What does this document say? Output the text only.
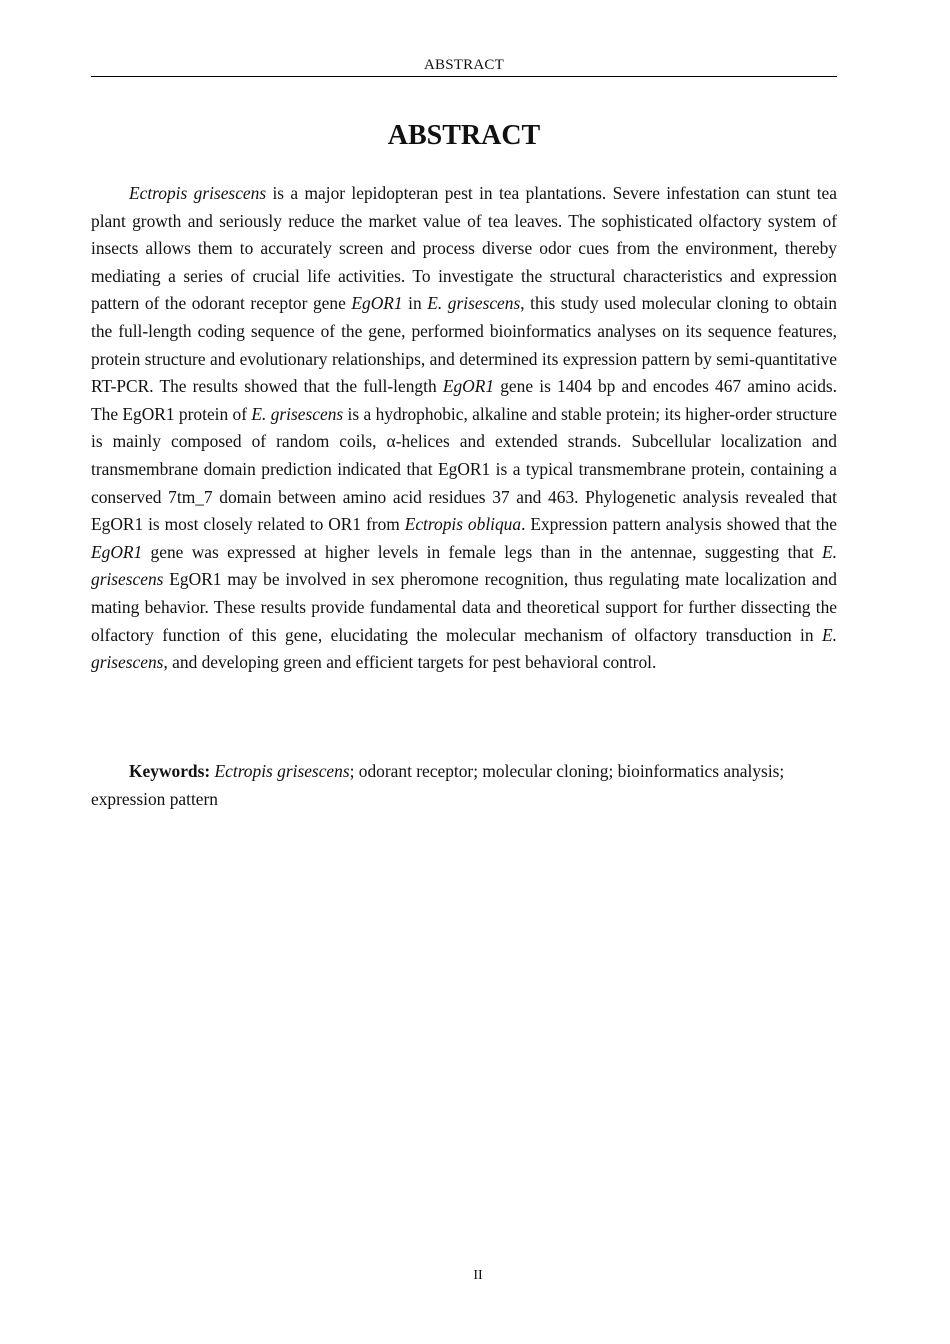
ABSTRACT
ABSTRACT

Ectropis grisescens is a major lepidopteran pest in tea plantations. Severe infestation can stunt tea plant growth and seriously reduce the market value of tea leaves. The sophisticated olfactory system of insects allows them to accurately screen and process diverse odor cues from the environment, thereby mediating a series of crucial life activities. To investigate the structural characteristics and expression pattern of the odorant receptor gene EgOR1 in E. grisescens, this study used molecular cloning to obtain the full-length coding sequence of the gene, performed bioinformatics analyses on its sequence features, protein structure and evolutionary relationships, and determined its expression pattern by semi-quantitative RT-PCR. The results showed that the full-length EgOR1 gene is 1404 bp and encodes 467 amino acids. The EgOR1 protein of E. grisescens is a hydrophobic, alkaline and stable protein; its higher-order structure is mainly composed of random coils, α-helices and extended strands. Subcellular localization and transmembrane domain prediction indicated that EgOR1 is a typical transmembrane protein, containing a conserved 7tm_7 domain between amino acid residues 37 and 463. Phylogenetic analysis revealed that EgOR1 is most closely related to OR1 from Ectropis obliqua. Expression pattern analysis showed that the EgOR1 gene was expressed at higher levels in female legs than in the antennae, suggesting that E. grisescens EgOR1 may be involved in sex pheromone recognition, thus regulating mate localization and mating behavior. These results provide fundamental data and theoretical support for further dissecting the olfactory function of this gene, elucidating the molecular mechanism of olfactory transduction in E. grisescens, and developing green and efficient targets for pest behavioral control.

Keywords: Ectropis grisescens; odorant receptor; molecular cloning; bioinformatics analysis; expression pattern

II
